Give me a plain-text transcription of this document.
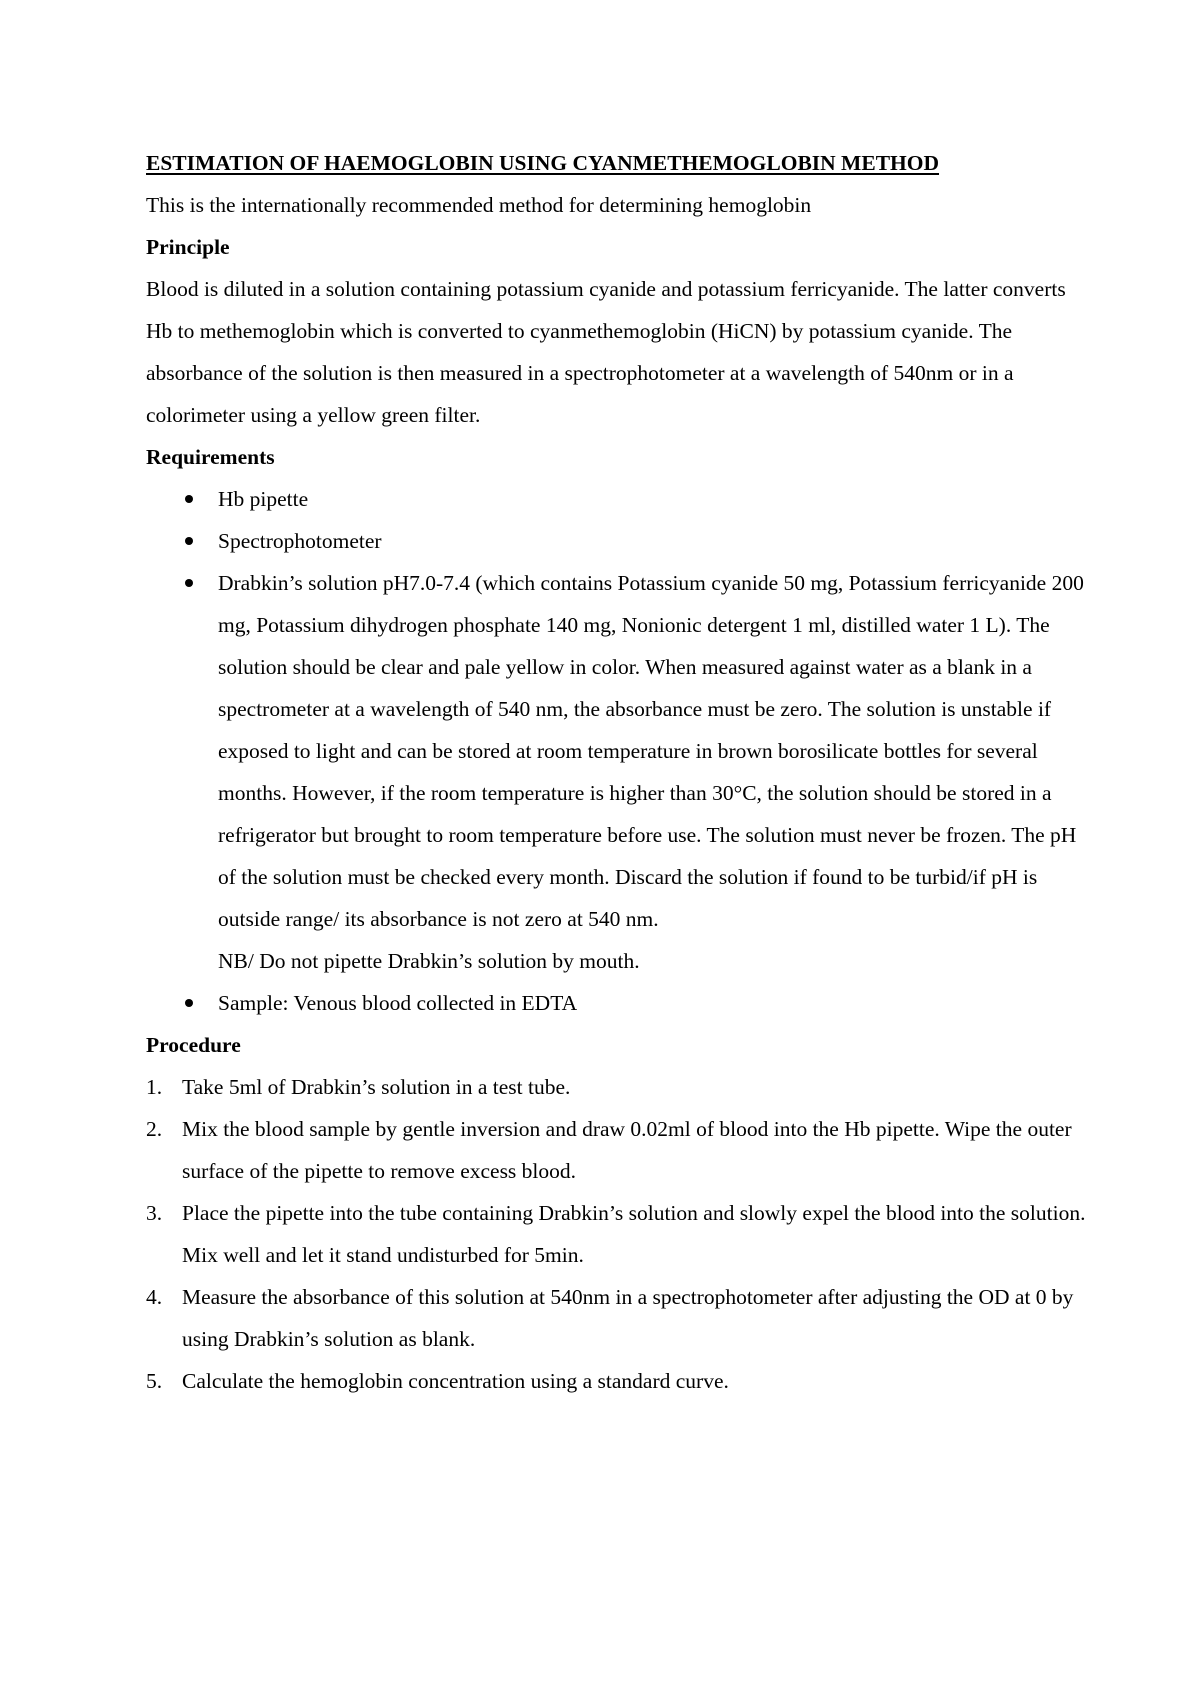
ESTIMATION OF HAEMOGLOBIN USING CYANMETHEMOGLOBIN METHOD

This is the internationally recommended method for determining hemoglobin

Principle

Blood is diluted in a solution containing potassium cyanide and potassium ferricyanide. The latter converts Hb to methemoglobin which is converted to cyanmethemoglobin (HiCN) by potassium cyanide. The absorbance of the solution is then measured in a spectrophotometer at a wavelength of 540nm or in a colorimeter using a yellow green filter.

Requirements

Hb pipette
Spectrophotometer
Drabkin’s solution pH7.0-7.4 (which contains Potassium cyanide 50 mg, Potassium ferricyanide 200 mg, Potassium dihydrogen phosphate 140 mg, Nonionic detergent 1 ml, distilled water 1 L). The solution should be clear and pale yellow in color. When measured against water as a blank in a spectrometer at a wavelength of 540 nm, the absorbance must be zero. The solution is unstable if exposed to light and can be stored at room temperature in brown borosilicate bottles for several months. However, if the room temperature is higher than 30°C, the solution should be stored in a refrigerator but brought to room temperature before use. The solution must never be frozen. The pH of the solution must be checked every month. Discard the solution if found to be turbid/if pH is outside range/ its absorbance is not zero at 540 nm.

NB/ Do not pipette Drabkin’s solution by mouth.

Sample: Venous blood collected in EDTA

Procedure

1. Take 5ml of Drabkin’s solution in a test tube.
2. Mix the blood sample by gentle inversion and draw 0.02ml of blood into the Hb pipette. Wipe the outer surface of the pipette to remove excess blood.
3. Place the pipette into the tube containing Drabkin’s solution and slowly expel the blood into the solution. Mix well and let it stand undisturbed for 5min.
4. Measure the absorbance of this solution at 540nm in a spectrophotometer after adjusting the OD at 0 by using Drabkin’s solution as blank.
5. Calculate the hemoglobin concentration using a standard curve.
